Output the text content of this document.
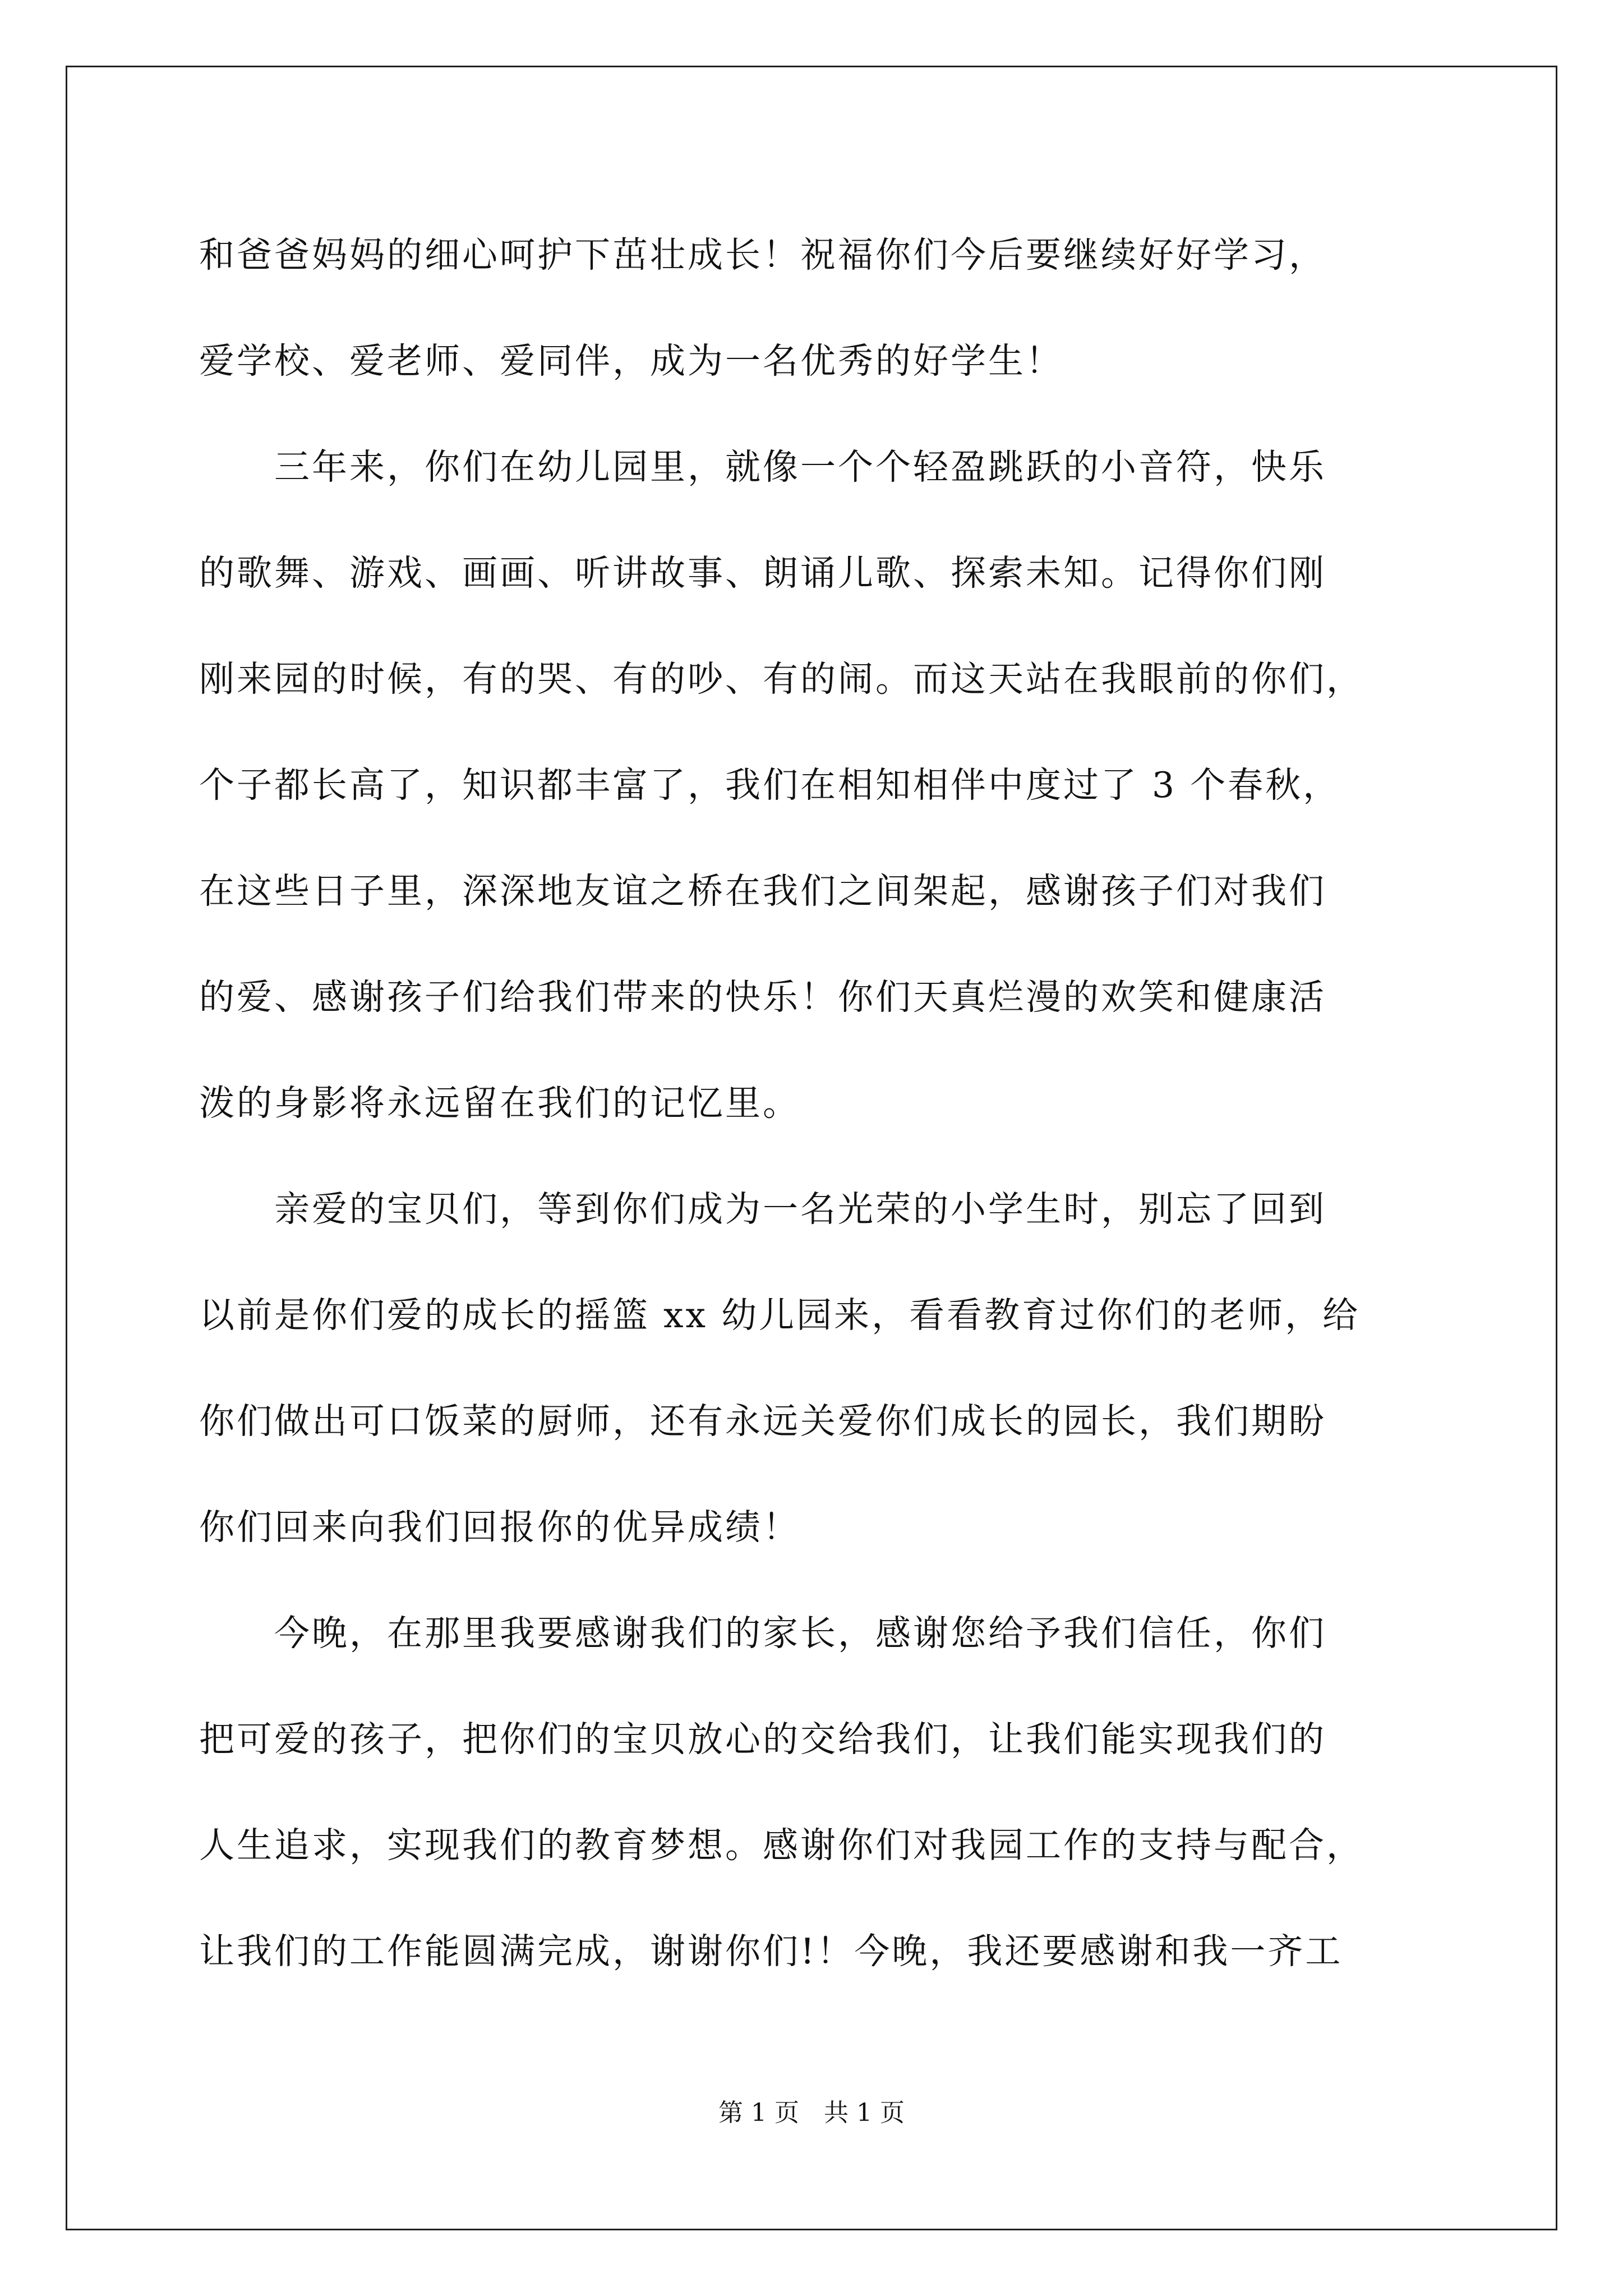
和爸爸妈妈的细心呵护下茁壮成长！祝福你们今后要继续好好学习，
爱学校、爱老师、爱同伴，成为一名优秀的好学生！
　　三年来，你们在幼儿园里，就像一个个轻盈跳跃的小音符，快乐
的歌舞、游戏、画画、听讲故事、朗诵儿歌、探索未知。记得你们刚
刚来园的时候，有的哭、有的吵、有的闹。而这天站在我眼前的你们，
个子都长高了，知识都丰富了，我们在相知相伴中度过了 3 个春秋，
在这些日子里，深深地友谊之桥在我们之间架起，感谢孩子们对我们
的爱、感谢孩子们给我们带来的快乐！你们天真烂漫的欢笑和健康活
泼的身影将永远留在我们的记忆里。
　　亲爱的宝贝们，等到你们成为一名光荣的小学生时，别忘了回到
以前是你们爱的成长的摇篮 xx 幼儿园来，看看教育过你们的老师，给
你们做出可口饭菜的厨师，还有永远关爱你们成长的园长，我们期盼
你们回来向我们回报你的优异成绩！
　　今晚，在那里我要感谢我们的家长，感谢您给予我们信任，你们
把可爱的孩子，把你们的宝贝放心的交给我们，让我们能实现我们的
人生追求，实现我们的教育梦想。感谢你们对我园工作的支持与配合，
让我们的工作能圆满完成，谢谢你们!！今晚，我还要感谢和我一齐工
第 1 页　共 1 页
